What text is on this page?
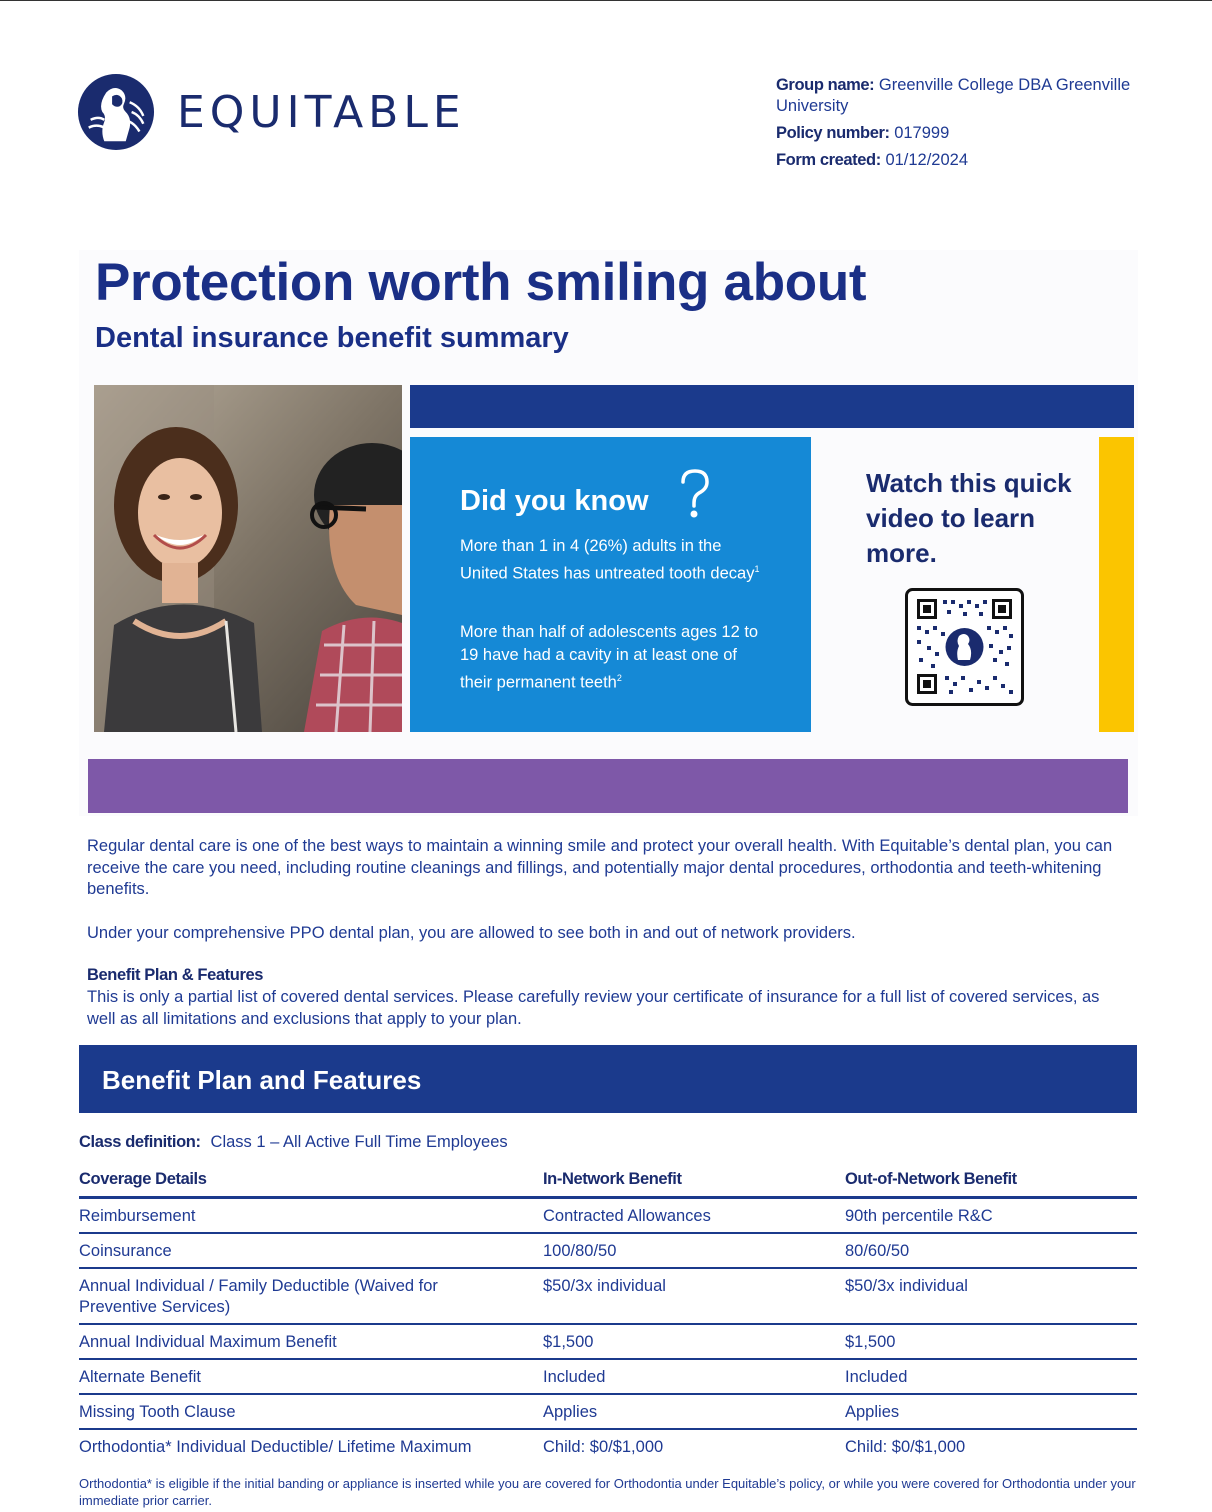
EQUITABLE
Group name: Greenville College DBA Greenville University
Policy number: 017999
Form created: 01/12/2024
Protection worth smiling about
Dental insurance benefit summary
Did you know

More than 1 in 4 (26%) adults in the United States has untreated tooth decay$^1$

More than half of adolescents ages 12 to 19 have had a cavity in at least one of their permanent teeth$^2$

Watch this quick video to learn more.

Regular dental care is one of the best ways to maintain a winning smile and protect your overall health. With Equitable’s dental plan, you can receive the care you need, including routine cleanings and fillings, and potentially major dental procedures, orthodontia and teeth-whitening benefits.

Under your comprehensive PPO dental plan, you are allowed to see both in and out of network providers.

Benefit Plan & Features

This is only a partial list of covered dental services. Please carefully review your certificate of insurance for a full list of covered services, as well as all limitations and exclusions that apply to your plan.

Benefit Plan and Features

Class definition: Class 1 – All Active Full Time Employees

Coverage Details	In-Network Benefit	Out-of-Network Benefit

Reimbursement	Contracted Allowances	90th percentile R&C

Coinsurance	100/80/50	80/60/50

Annual Individual / Family Deductible (Waived for Preventive Services)	$50/3x individual	$50/3x individual

Annual Individual Maximum Benefit	$1,500	$1,500

Alternate Benefit	Included	Included

Missing Tooth Clause	Applies	Applies

Orthodontia* Individual Deductible/ Lifetime Maximum	Child: $0/$1,000	Child: $0/$1,000

Orthodontia* is eligible if the initial banding or appliance is inserted while you are covered for Orthodontia under Equitable’s policy, or while you were covered for Orthodontia under your immediate prior carrier.
